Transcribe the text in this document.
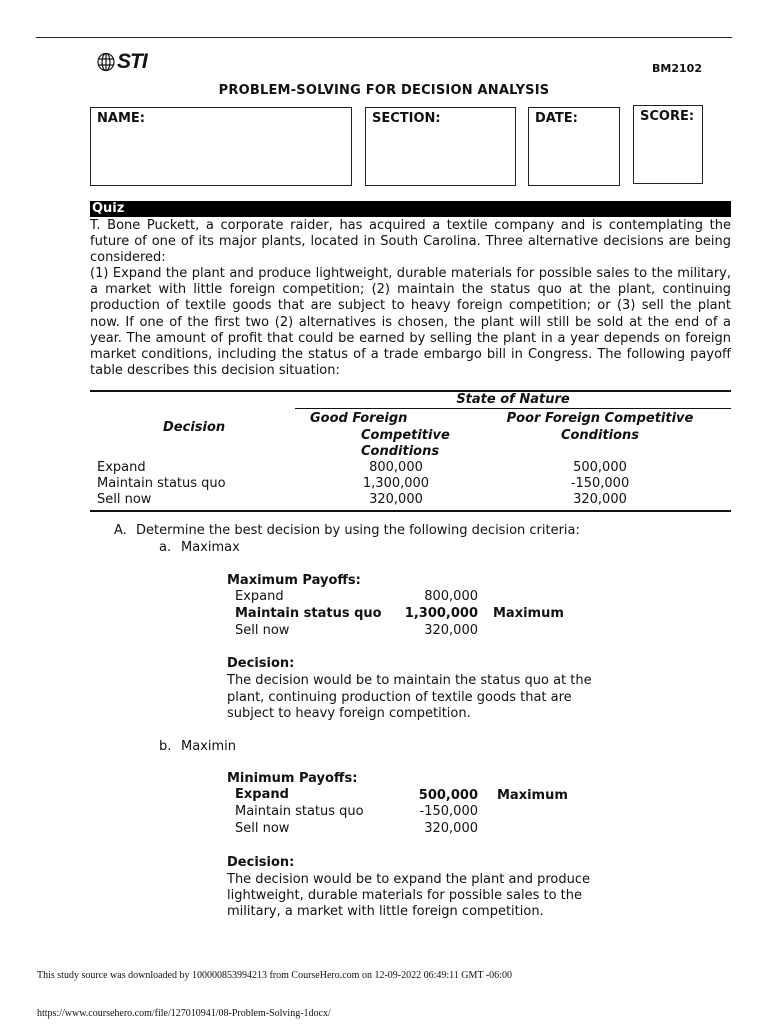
STI	BM2102
PROBLEM-SOLVING FOR DECISION ANALYSIS
NAME:	SECTION:	DATE:	SCORE:
Quiz
T. Bone Puckett, a corporate raider, has acquired a textile company and is contemplating the future of one of its major plants, located in South Carolina. Three alternative decisions are being considered:
(1) Expand the plant and produce lightweight, durable materials for possible sales to the military, a market with little foreign competition; (2) maintain the status quo at the plant, continuing production of textile goods that are subject to heavy foreign competition; or (3) sell the plant now. If one of the first two (2) alternatives is chosen, the plant will still be sold at the end of a year. The amount of profit that could be earned by selling the plant in a year depends on foreign market conditions, including the status of a trade embargo bill in Congress. The following payoff table describes this decision situation:
State of Nature
Decision
Good Foreign
Competitive
Conditions
Poor Foreign Competitive
Conditions
Expand	800,000	500,000
Maintain status quo	1,300,000	-150,000
Sell now	320,000	320,000
A. Determine the best decision by using the following decision criteria:
a. Maximax
Maximum Payoffs:
Expand	800,000
Maintain status quo	1,300,000 Maximum
Sell now	320,000
Decision:
The decision would be to maintain the status quo at the
plant, continuing production of textile goods that are
subject to heavy foreign competition.
b. Maximin
Minimum Payoffs:
Expand	500,000 Maximum
Maintain status quo	-150,000
Sell now	320,000
Decision:
The decision would be to expand the plant and produce
lightweight, durable materials for possible sales to the
military, a market with little foreign competition.
This study source was downloaded by 100000853994213 from CourseHero.com on 12-09-2022 06:49:11 GMT -06:00
https://www.coursehero.com/file/127010941/08-Problem-Solving-1docx/
